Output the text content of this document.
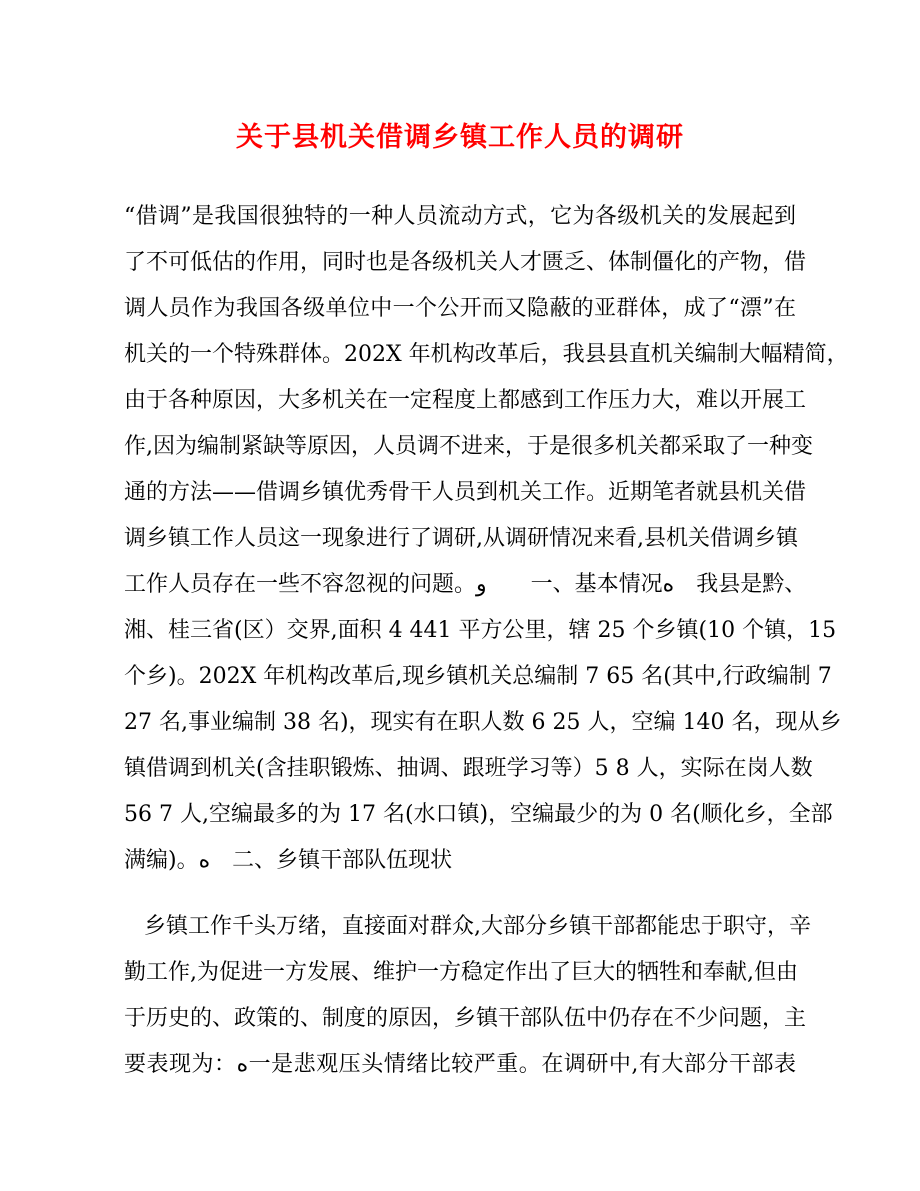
关于县机关借调乡镇工作人员的调研
“借调”是我国很独特的一种人员流动方式，它为各级机关的发展起到
了不可低估的作用，同时也是各级机关人才匮乏、体制僵化的产物，借
调人员作为我国各级单位中一个公开而又隐蔽的亚群体，成了“漂”在
机关的一个特殊群体。202X 年机构改革后，我县县直机关编制大幅精简，
由于各种原因，大多机关在一定程度上都感到工作压力大，难以开展工
作,因为编制紧缺等原因，人员调不进来，于是很多机关都采取了一种变
通的方法——借调乡镇优秀骨干人员到机关工作。近期笔者就县机关借
调乡镇工作人员这一现象进行了调研,从调研情况来看,县机关借调乡镇
工作人员存在一些不容忽视的问题。و　　一、基本情况ﻩ　我县是黔、
湘、桂三省(区）交界,面积 4 441 平方公里，辖 25 个乡镇(10 个镇，15
个乡)。202X 年机构改革后,现乡镇机关总编制 7 65 名(其中,行政编制 7
27 名,事业编制 38 名)，现实有在职人数 6 25 人，空编 140 名，现从乡
镇借调到机关(含挂职锻炼、抽调、跟班学习等）5 8 人，实际在岗人数
56 7 人,空编最多的为 17 名(水口镇)，空编最少的为 0 名(顺化乡，全部
满编)。ﻩ　二、乡镇干部队伍现状
乡镇工作千头万绪，直接面对群众,大部分乡镇干部都能忠于职守，辛
勤工作,为促进一方发展、维护一方稳定作出了巨大的牺牲和奉献,但由
于历史的、政策的、制度的原因，乡镇干部队伍中仍存在不少问题，主
要表现为：ﻩ一是悲观压头情绪比较严重。在调研中,有大部分干部表
